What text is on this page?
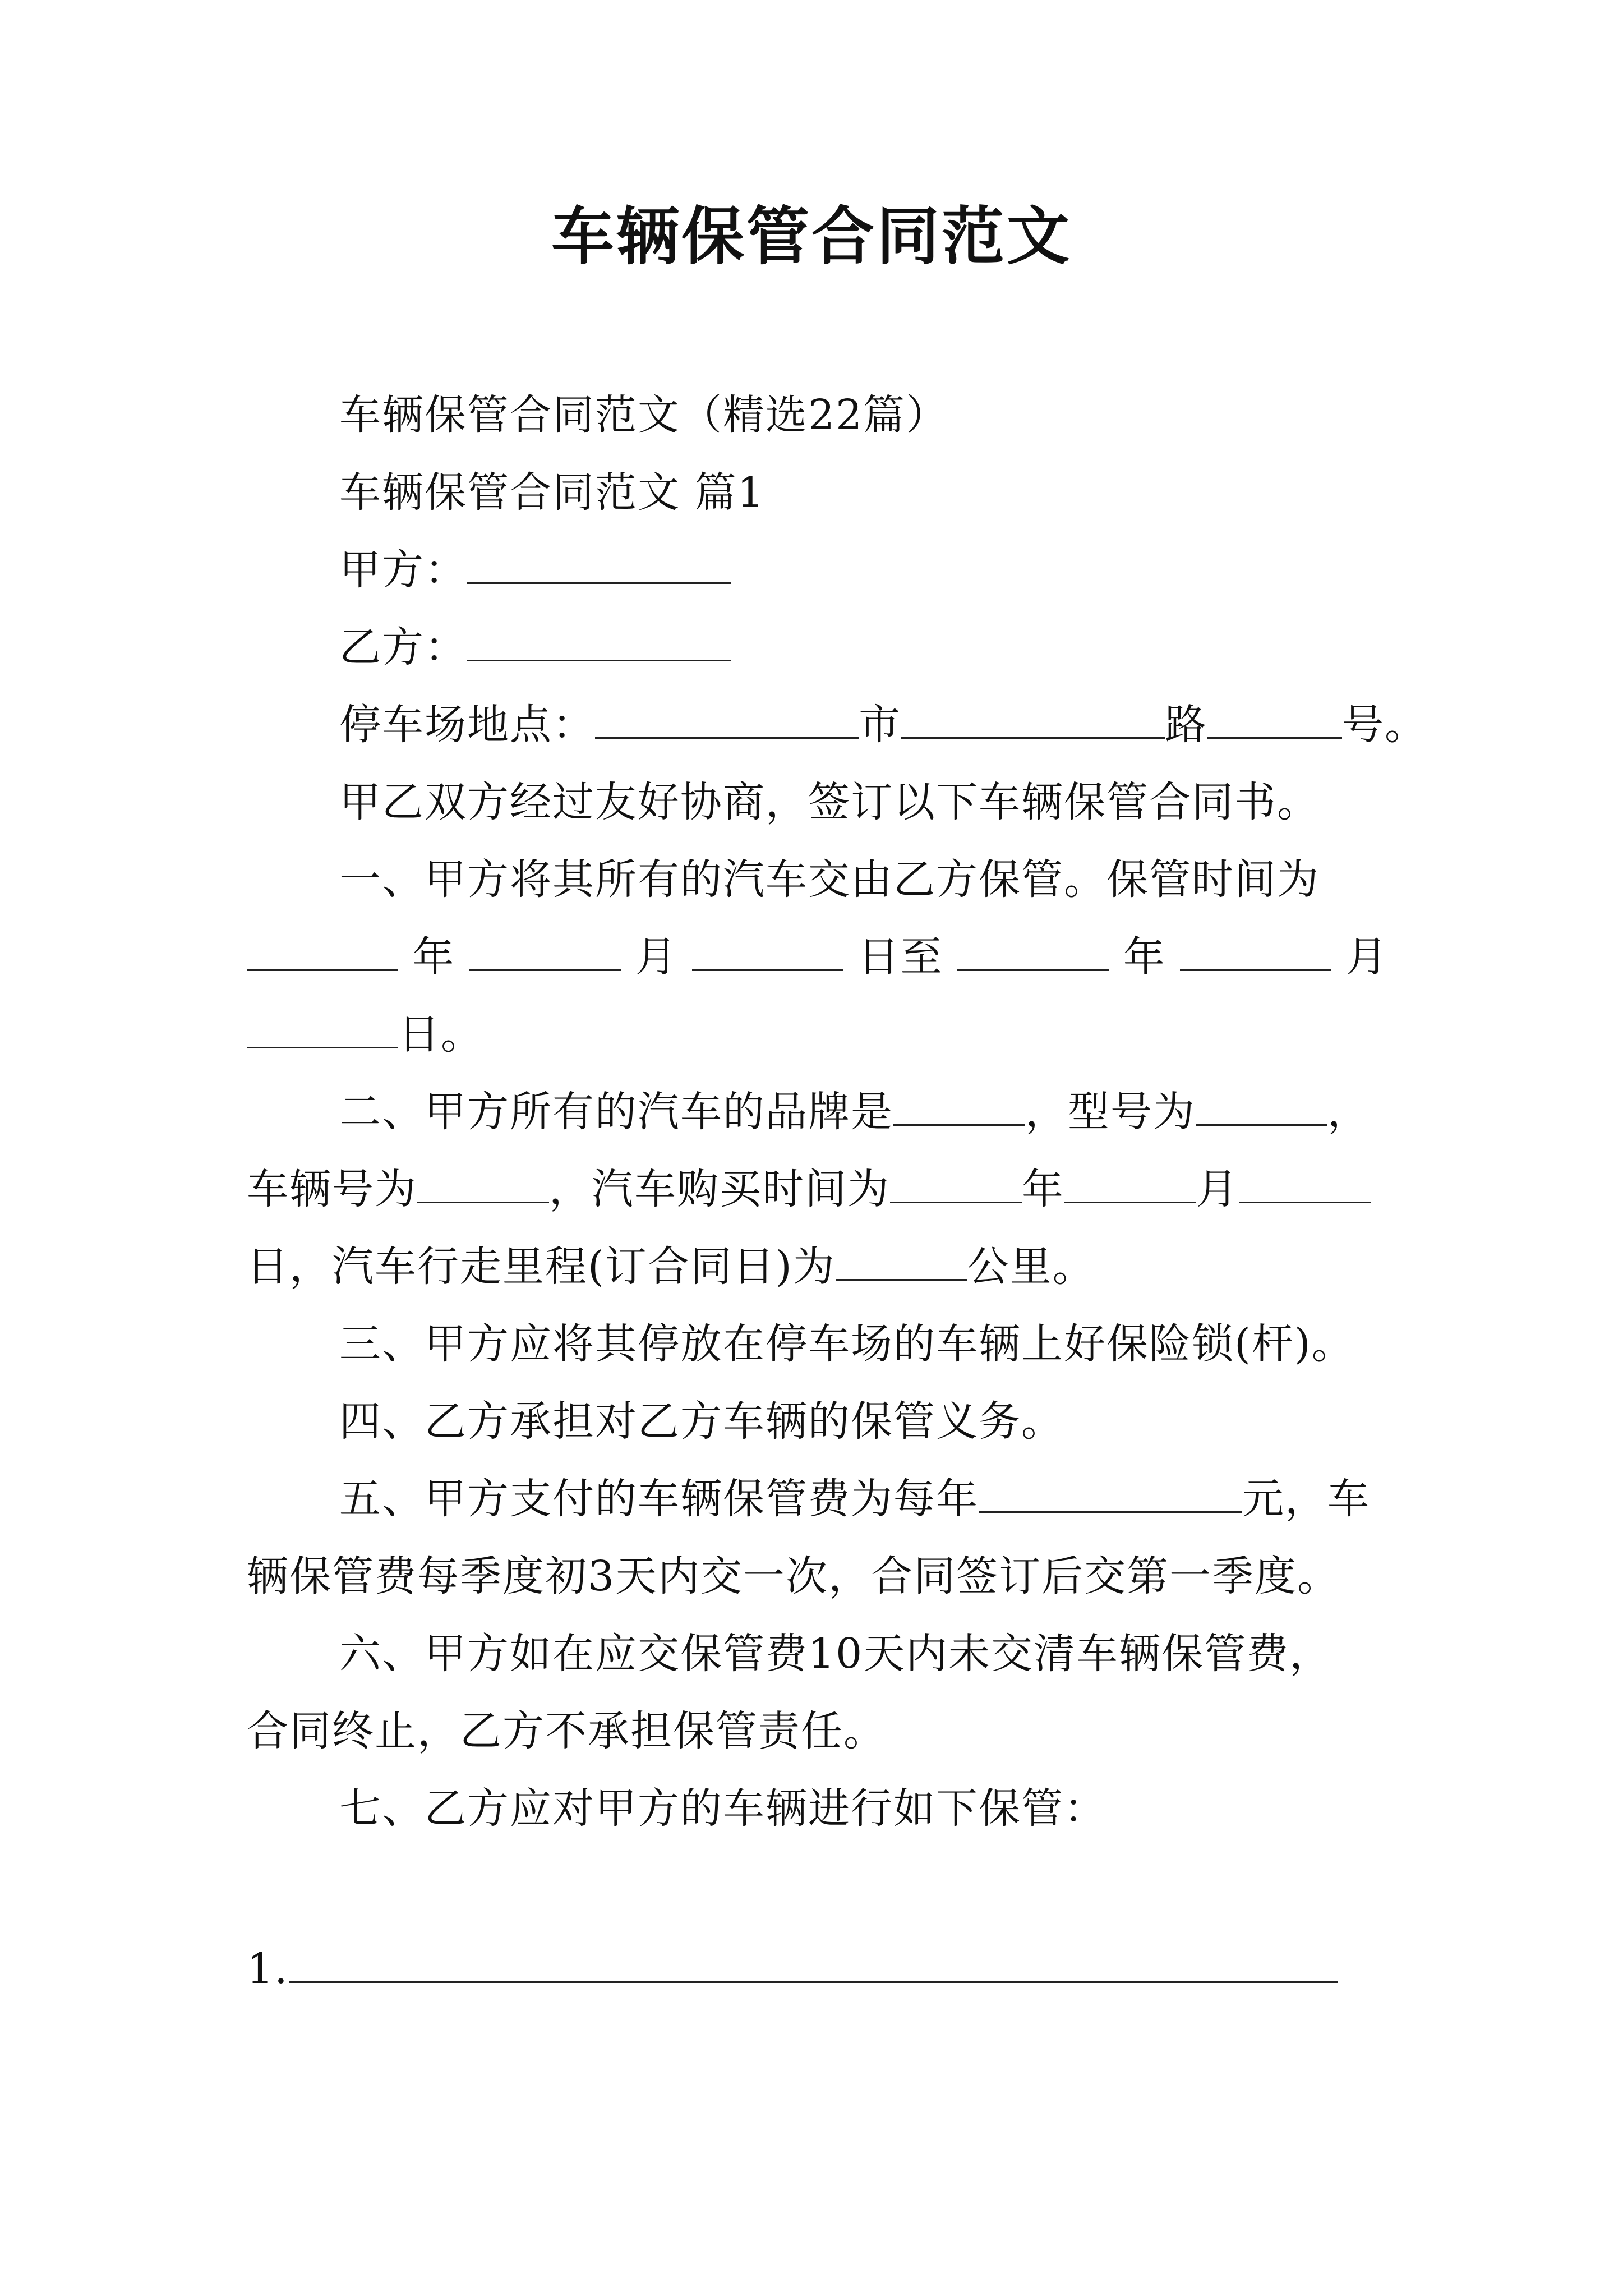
车辆保管合同范文
车辆保管合同范文（精选22篇）
车辆保管合同范文 篇1
甲方：
乙方：
停车场地点：	市	路	号。
甲乙双方经过友好协商，签订以下车辆保管合同书。
一、甲方将其所有的汽车交由乙方保管。保管时间为
年	月	日至	年	月
日。
二、甲方所有的汽车的品牌是	，型号为	，
车辆号为	，汽车购买时间为	年	月
日，汽车行走里程(订合同日)为	公里。
三、甲方应将其停放在停车场的车辆上好保险锁(杆)。
四、乙方承担对乙方车辆的保管义务。
五、甲方支付的车辆保管费为每年	元，车
辆保管费每季度初3天内交一次，合同签订后交第一季度。
六、甲方如在应交保管费10天内未交清车辆保管费，
合同终止，乙方不承担保管责任。
七、乙方应对甲方的车辆进行如下保管：
1.
